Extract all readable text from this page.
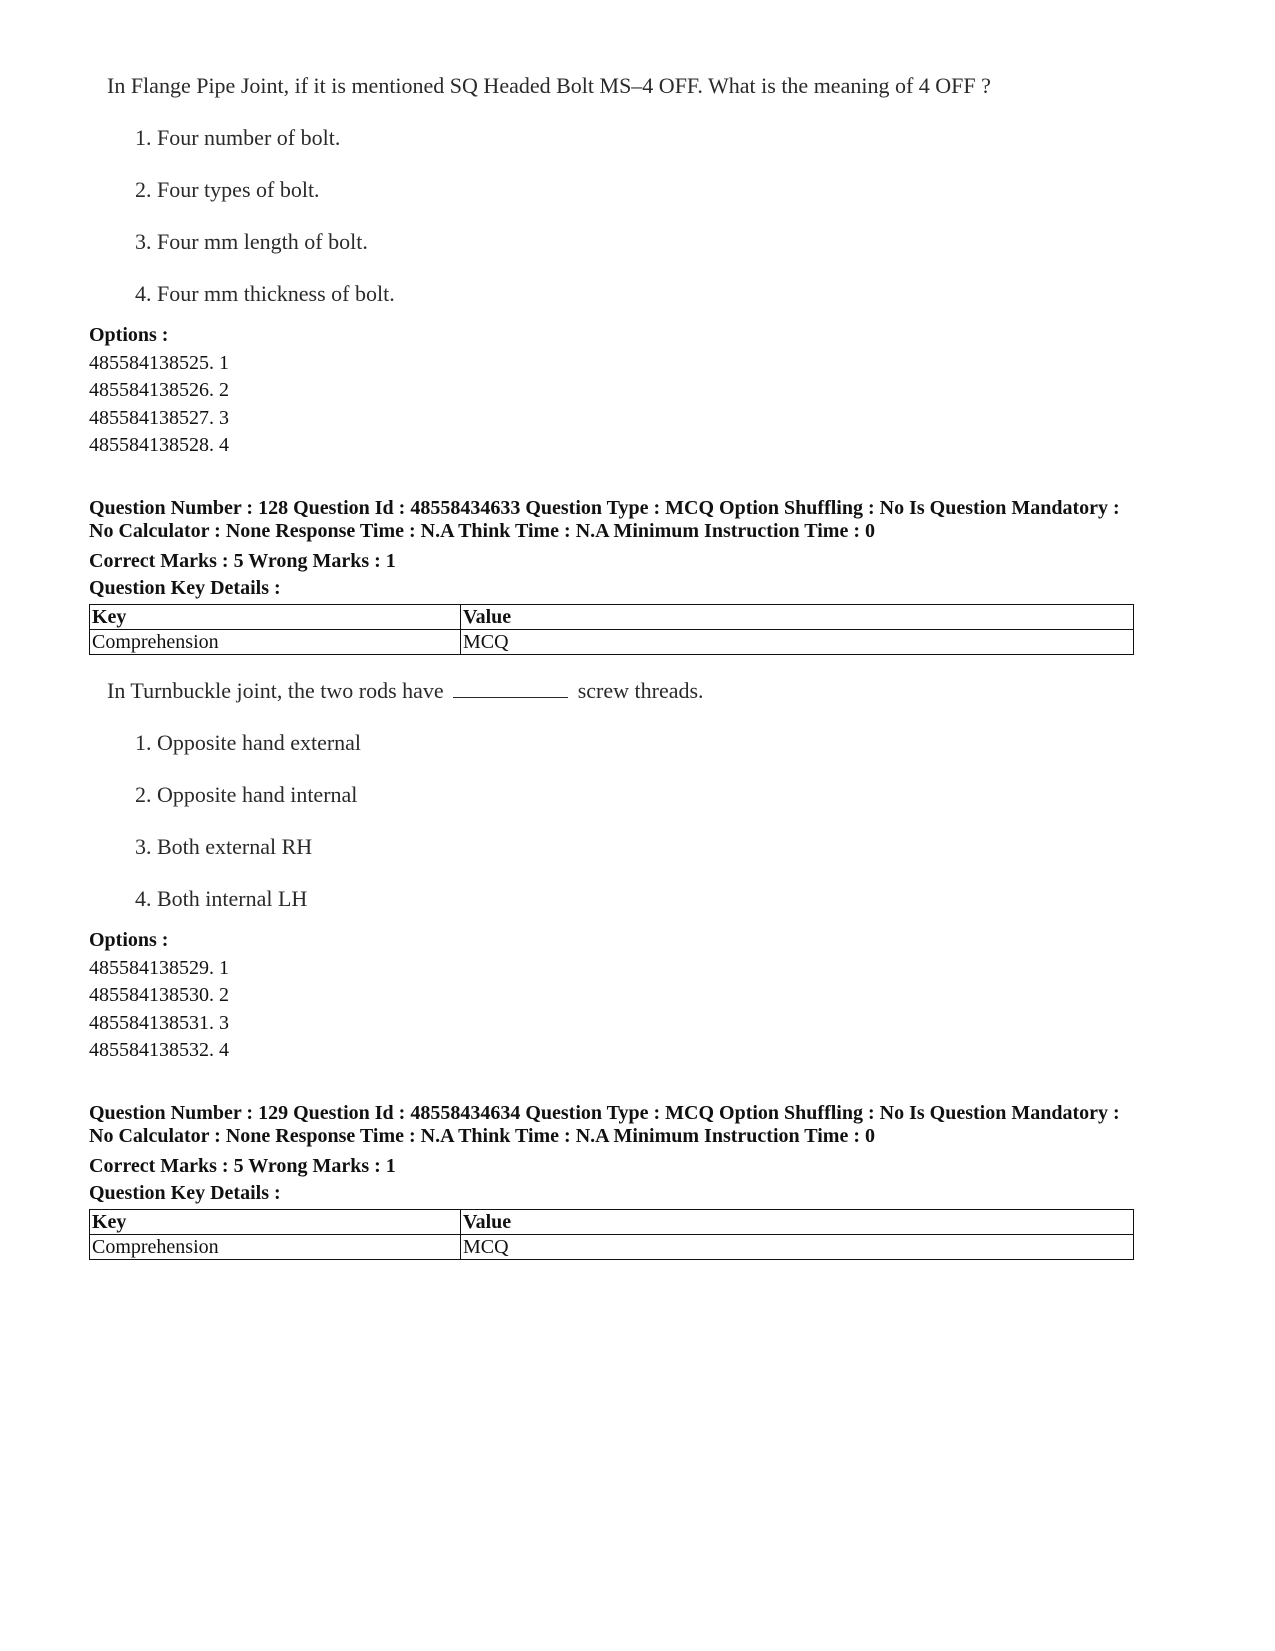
In Flange Pipe Joint, if it is mentioned SQ Headed Bolt MS–4 OFF. What is the meaning of 4 OFF ?

1. Four number of bolt.
2. Four types of bolt.
3. Four mm length of bolt.
4. Four mm thickness of bolt.
Options :
485584138525. 1
485584138526. 2
485584138527. 3
485584138528. 4
Question Number : 128 Question Id : 48558434633 Question Type : MCQ Option Shuffling : No Is Question Mandatory :
No Calculator : None Response Time : N.A Think Time : N.A Minimum Instruction Time : 0
Correct Marks : 5 Wrong Marks : 1
Question Key Details :
Key	Value
Comprehension	MCQ

In Turnbuckle joint, the two rods have	screw threads.

1. Opposite hand external
2. Opposite hand internal
3. Both external RH
4. Both internal LH
Options :
485584138529. 1
485584138530. 2
485584138531. 3
485584138532. 4
Question Number : 129 Question Id : 48558434634 Question Type : MCQ Option Shuffling : No Is Question Mandatory :
No Calculator : None Response Time : N.A Think Time : N.A Minimum Instruction Time : 0
Correct Marks : 5 Wrong Marks : 1
Question Key Details :
Key	Value
Comprehension	MCQ
